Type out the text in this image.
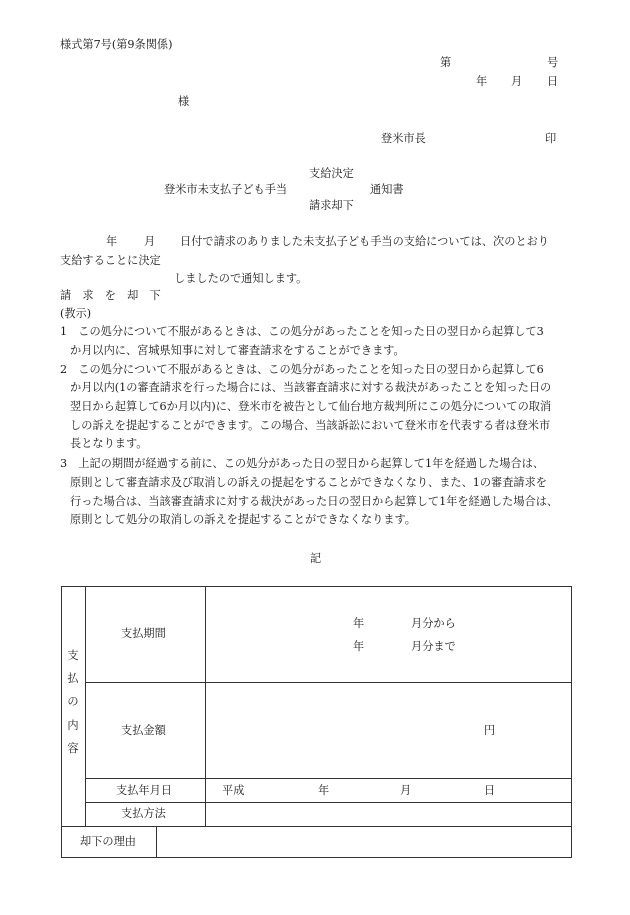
様式第7号(第9条関係)
第	号
年 月 日
様
登米市長	印
支給決定
登米市未支払子ども手当	通知書
請求却下
年 月 日付で請求のありました未支払子ども手当の支給については、次のとおり
支給することに決定
しましたので通知します。
請　求　を　却　下
(教示)
1　この処分について不服があるときは、この処分があったことを知った日の翌日から起算して3
か月以内に、宮城県知事に対して審査請求をすることができます。
2　この処分について不服があるときは、この処分があったことを知った日の翌日から起算して6
か月以内(1の審査請求を行った場合には、当該審査請求に対する裁決があったことを知った日の
翌日から起算して6か月以内)に、登米市を被告として仙台地方裁判所にこの処分についての取消
しの訴えを提起することができます。この場合、当該訴訟において登米市を代表する者は登米市
長となります。
3　上記の期間が経過する前に、この処分があった日の翌日から起算して1年を経過した場合は、
原則として審査請求及び取消しの訴えの提起をすることができなくなり、また、1の審査請求を
行った場合は、当該審査請求に対する裁決があった日の翌日から起算して1年を経過した場合は、
原則として処分の取消しの訴えを提起することができなくなります。
記
支
払
の
内
容
支払期間
年	月分から
年	月分まで
支払金額	円
支払年月日	平成	年	月	日
支払方法
却下の理由
